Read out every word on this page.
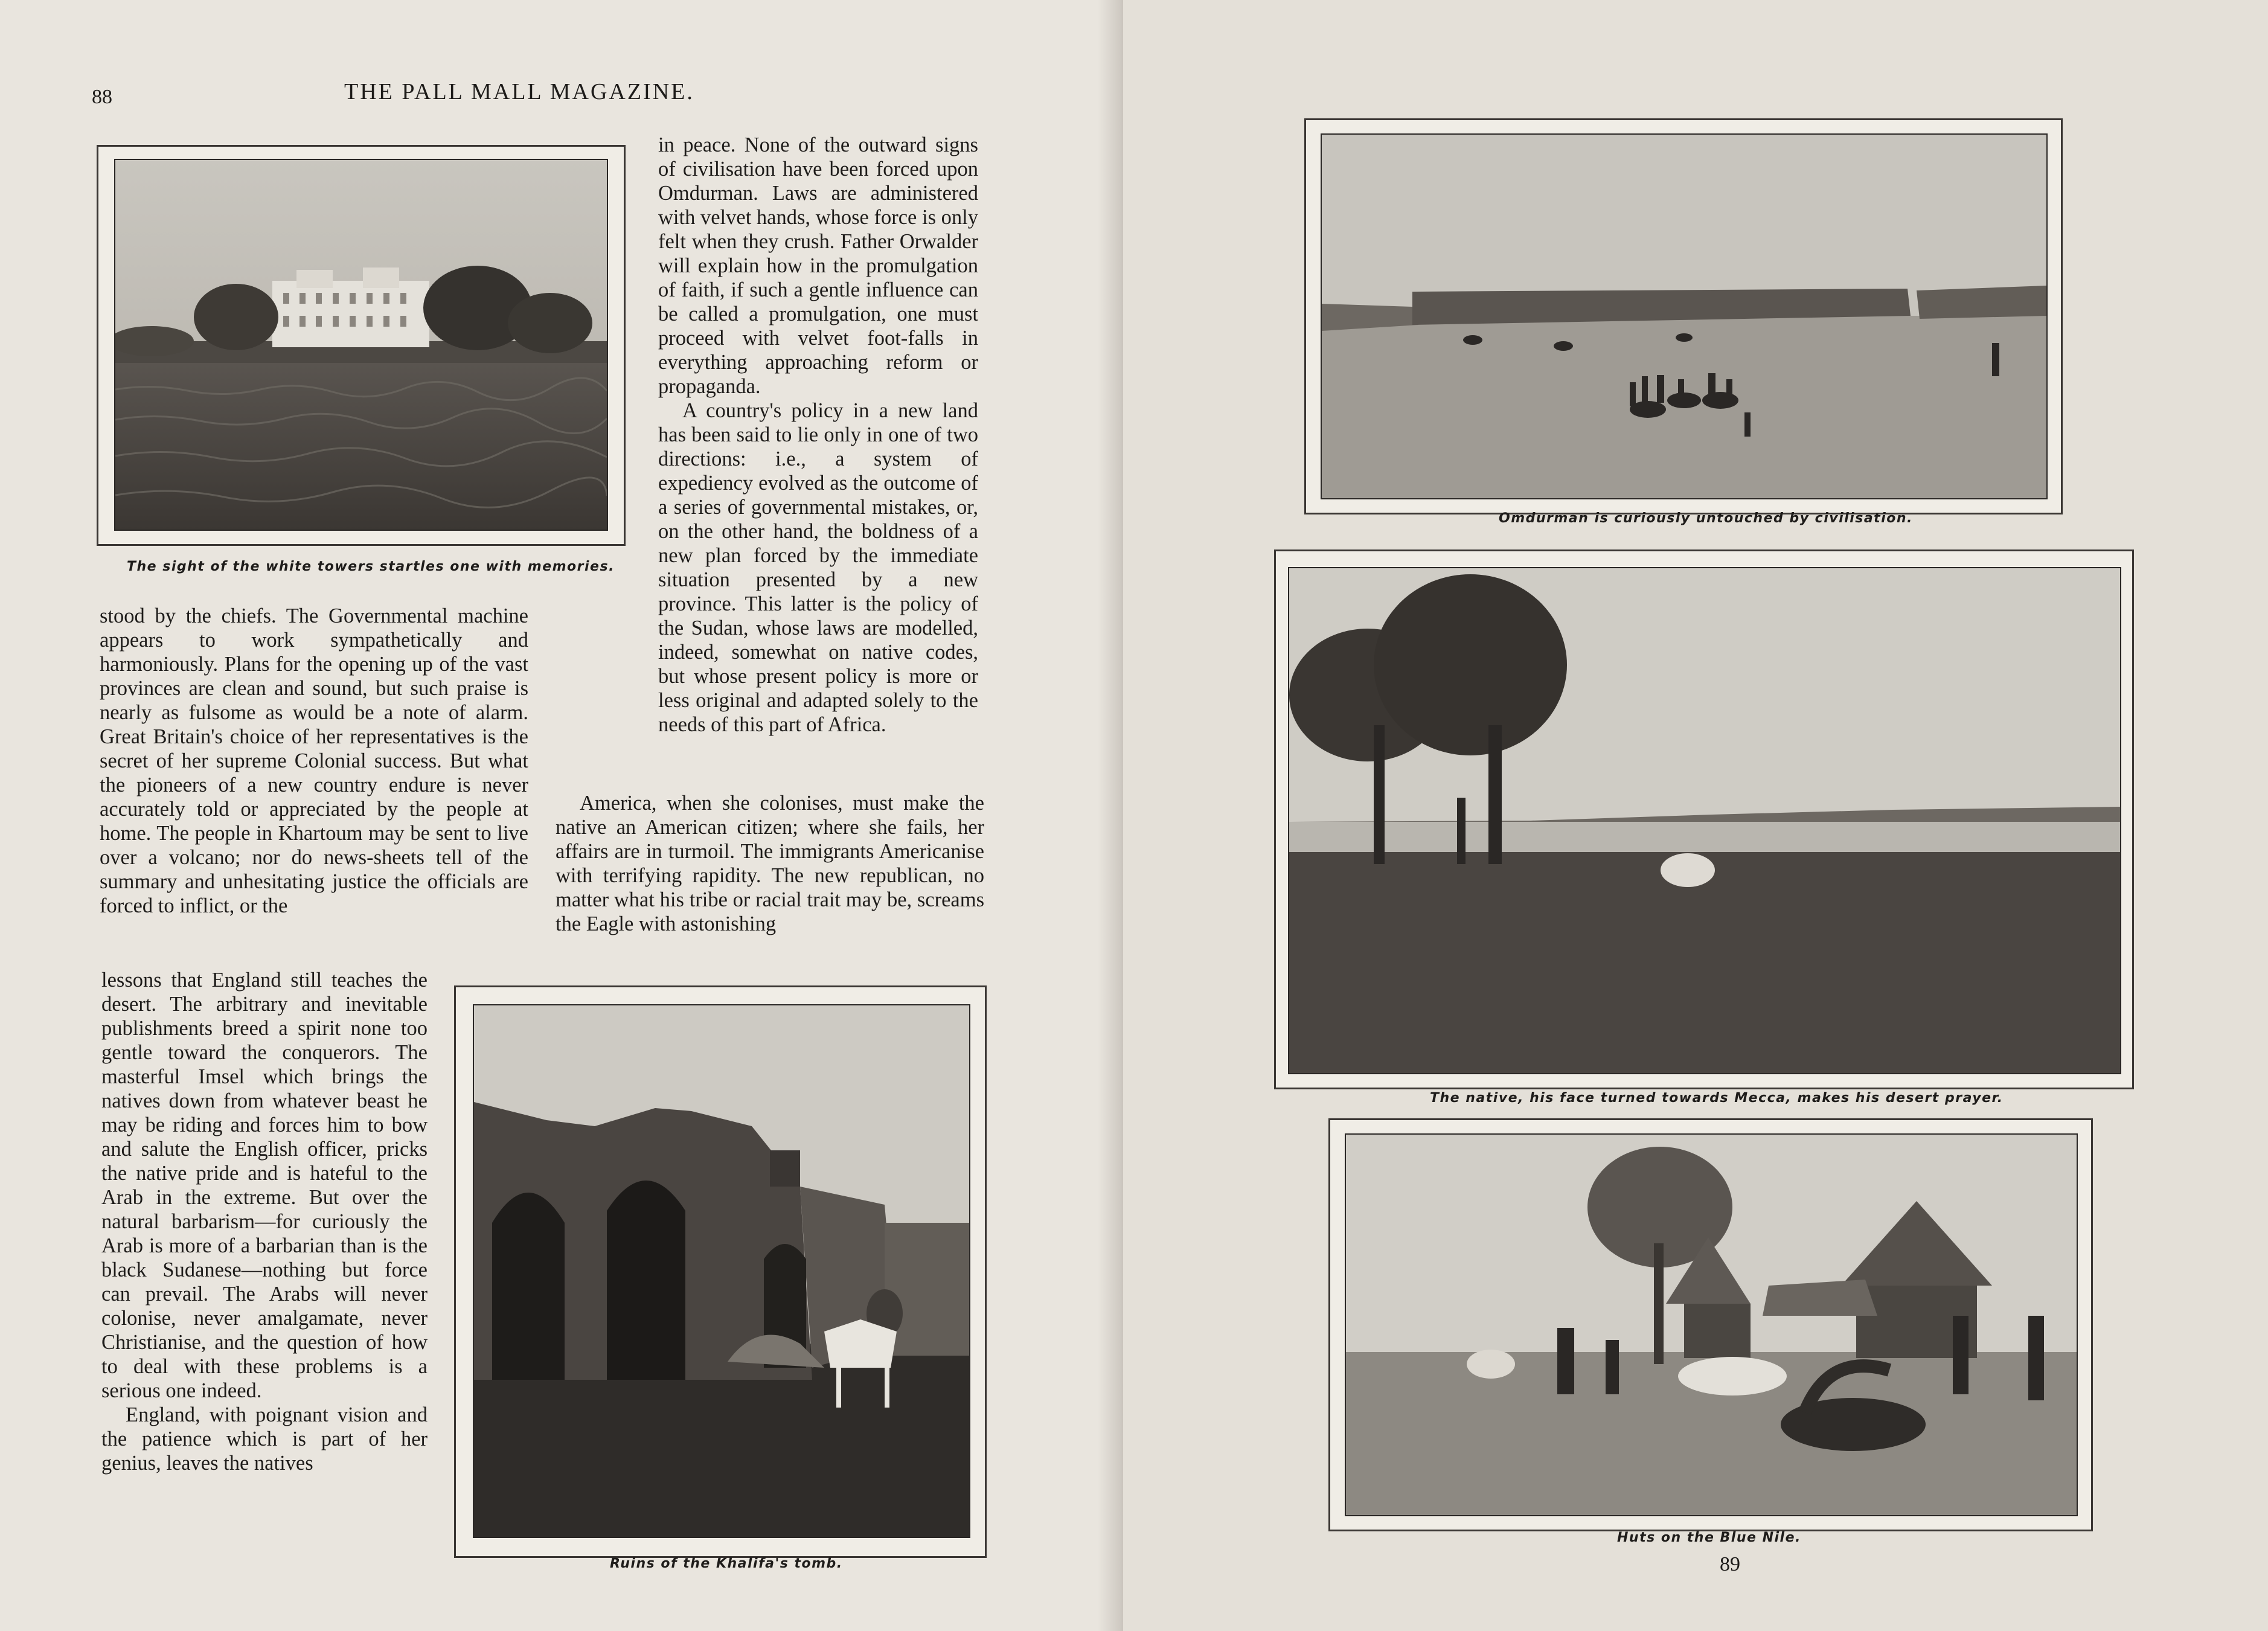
88	THE PALL MALL MAGAZINE.
The sight of the white towers startles one with memories.

in peace. None of the outward signs of civilisation have been forced upon Omdurman. Laws are administered with velvet hands, whose force is only felt when they crush. Father Orwalder will explain how in the promulgation of faith, if such a gentle influence can be called a promulgation, one must proceed with velvet foot-falls in everything approaching reform or propaganda.

A country's policy in a new land has been said to lie only in one of two directions: i.e., a system of expediency evolved as the outcome of a series of governmental mistakes, or, on the other hand, the boldness of a new plan forced by the immediate situation presented by a new province. This latter is the policy of the Sudan, whose laws are modelled, indeed, somewhat on native codes, but whose present policy is more or less original and adapted solely to the needs of this part of Africa.

stood by the chiefs. The Governmental machine appears to work sympathetically and harmoniously. Plans for the opening up of the vast provinces are clean and sound, but such praise is nearly as fulsome as would be a note of alarm. Great Britain's choice of her representatives is the secret of her supreme Colonial success. But what the pioneers of a new country endure is never accurately told or appreciated by the people at home. The people in Khartoum may be sent to live over a volcano; nor do news-sheets tell of the summary and unhesitating justice the officials are forced to inflict, or the

America, when she colonises, must make the native an American citizen; where she fails, her affairs are in turmoil. The immigrants Americanise with terrifying rapidity. The new republican, no matter what his tribe or racial trait may be, screams the Eagle with astonishing

lessons that England still teaches the desert. The arbitrary and inevitable publishments breed a spirit none too gentle toward the conquerors. The masterful Imsel which brings the natives down from whatever beast he may be riding and forces him to bow and salute the English officer, pricks the native pride and is hateful to the Arab in the extreme. But over the natural barbarism—for curiously the Arab is more of a barbarian than is the black Sudanese—nothing but force can prevail. The Arabs will never colonise, never amalgamate, never Christianise, and the question of how to deal with these problems is a serious one indeed.

England, with poignant vision and the patience which is part of her genius, leaves the natives

Ruins of the Khalifa's tomb.
Omdurman is curiously untouched by civilisation.
The native, his face turned towards Mecca, makes his desert prayer.
Huts on the Blue Nile.
89
